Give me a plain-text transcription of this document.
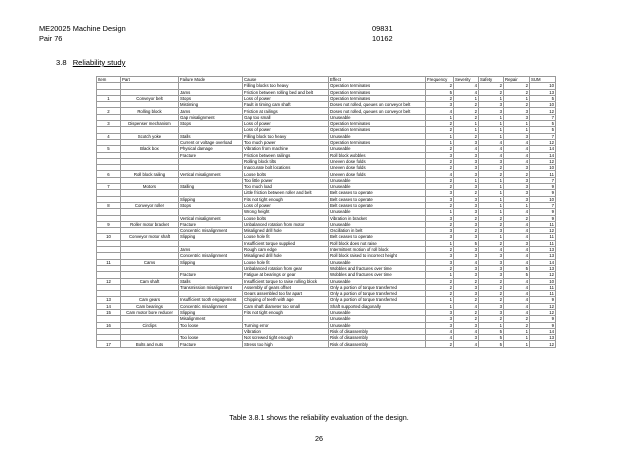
ME20025 Machine Design
Pair 76
09831
10162
3.8 Reliability study
Item	Part	Failure Mode	Cause	Effect	Frequency	Severity	Safety	Repair	SUM
			Filling blocks too heavy	Operation terminates	2	4	2	2	10
		Jams	Friction between rolling bed and belt	Operation terminates	5	4	2	2	13
1	Conveyor belt	Stops	Loss of power	Operation terminates	2	1	1	1	5
		Mistiming	Fault in timing cam shaft	Doses not rolled, queues on conveyor belt	3	2	3	2	10
2	Rolling block	Jams	Friction at railings	Doses not rolled, queues on conveyor belt	4	2	3	3	12
		Gap misalignment	Gap too small	Unuseable	1	2	1	3	7
3	Dispenser mechanism	Stops	Loss of power	Operation terminates	2	1	1	1	5
			Loss of power	Operation terminates	2	1	1	1	5
4	Scotch yoke	Stalls	Filling block too heavy	Unuseable	1	2	1	3	7
		Current or voltage overload	Too much power	Operation terminates	1	3	4	4	12
5	Black box	Physical damage	Vibration from machine	Unuseable	2	4	4	4	14
		Fracture	Friction between railings	Roll block wobbles	3	3	4	4	14
			Rolling block tilts	Uneven dose folds	2	3	3	4	12
			Inaccurate bolt locations	Uneven dose folds	2	3	2	3	10
6	Roll block railing	Vertical misalignment	Loose bolts	Uneven dose folds	4	3	2	2	11
			Too little power	Unuseable	2	1	1	3	7
7	Motors	Stalling	Too much load	Unuseable	2	3	1	3	9
			Little friction between roller and belt	Belt ceases to operate	3	2	1	3	9
		Slipping	Fits not tight enough	Belt ceases to operate	3	3	1	3	10
8	Conveyor roller	Stops	Loss of power	Belt ceases to operate	2	3	1	1	7
			Wrong height	Unuseable	1	3	1	4	9
		Vertical misalignment	Loose bolts	Vibration in bracket	3	2	2	2	9
9	Roller motor bracket	Fracture	Unbalanced rotation from motor	Unuseable	2	3	2	4	11
		Concentric misalignment	Misaligned drill hole	Oscillation in belt	3	2	3	4	12
10	Conveyor motor shaft	Slipping	Loose hole fit	Belt ceases to operate	3	3	1	4	11
			Insufficient torque supplied	Roll block does not raise	1	5	2	3	11
		Jams	Rough cam edge	Intermittent motion of roll block	2	3	4	4	13
		Concentric misalignment	Misaligned drill hole	Roll block raised to incorrect height	3	3	3	4	13
11	Cams	Slipping	Loose hole fit	Unuseable	3	4	3	4	14
			Unbalanced rotation from gear	Wobbles and fractures over time	2	3	3	5	13
		Fracture	Fatigue at bearings or gear	Wobbles and fractures over time	1	3	3	5	12
12	Cam shaft	Stalls	Insufficient torque to raise rolling block	Unuseable	2	2	2	4	10
		Transmission misalignment	Assembly of gears offset	Only a portion of torque transferred	2	3	2	4	11
			Gears assembled too far apart	Only a portion of torque transferred	2	3	2	4	11
13	Cam gears	Insufficient tooth engagement	Chipping of teeth with age	Only a portion of torque transferred	1	2	2	4	9
14	Cam bearings	Concentric misalignment	Cam shaft diameter too small	Shaft supported diagonally	1	4	3	4	12
15	Cam motor bore reducer	Slipping	Fits not tight enough	Unuseable	3	2	3	4	12
		Misalignment		Unuseable	3	2	2	2	9
16	Circlips	Too loose	Turning error	Unuseable	3	3	1	2	9
			Vibration	Risk of disassembly	4	4	5	1	14
		Too loose	Not screwed tight enough	Risk of disassembly	4	3	5	1	13
17	Bolts and nuts	Fracture	Stress too high	Risk of disassembly	2	4	5	1	12
Table 3.8.1 shows the reliability evaluation of the design.
26
